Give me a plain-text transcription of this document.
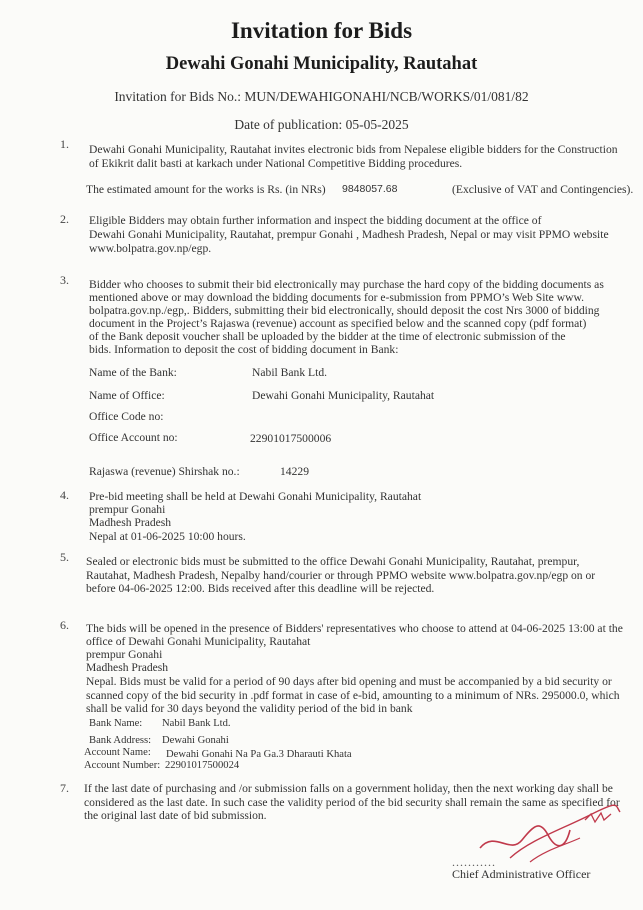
Invitation for Bids
Dewahi Gonahi Municipality, Rautahat
Invitation for Bids No.: MUN/DEWAHIGONAHI/NCB/WORKS/01/081/82
Date of publication: 05-05-2025
1. Dewahi Gonahi Municipality, Rautahat invites electronic bids from Nepalese eligible bidders for the Construction
of Ekikrit dalit basti at karkach under National Competitive Bidding procedures.
The estimated amount for the works is Rs. (in NRs) 9848057.68	(Exclusive of VAT and Contingencies).
2. Eligible Bidders may obtain further information and inspect the bidding document at the office of
Dewahi Gonahi Municipality, Rautahat, prempur Gonahi , Madhesh Pradesh, Nepal or may visit PPMO website
www.bolpatra.gov.np/egp.
3. Bidder who chooses to submit their bid electronically may purchase the hard copy of the bidding documents as
mentioned above or may download the bidding documents for e-submission from PPMO’s Web Site www.
bolpatra.gov.np./egp,. Bidders, submitting their bid electronically, should deposit the cost Nrs 3000 of bidding
document in the Project’s Rajaswa (revenue) account as specified below and the scanned copy (pdf format)
of the Bank deposit voucher shall be uploaded by the bidder at the time of electronic submission of the
bids. Information to deposit the cost of bidding document in Bank:
Name of the Bank:	Nabil Bank Ltd.
Name of Office:	Dewahi Gonahi Municipality, Rautahat
Office Code no:
Office Account no:	22901017500006
Rajaswa (revenue) Shirshak no.:	14229
4. Pre-bid meeting shall be held at Dewahi Gonahi Municipality, Rautahat
prempur Gonahi
Madhesh Pradesh
Nepal at 01-06-2025 10:00 hours.
5. Sealed or electronic bids must be submitted to the office Dewahi Gonahi Municipality, Rautahat, prempur,
Rautahat, Madhesh Pradesh, Nepalby hand/courier or through PPMO website www.bolpatra.gov.np/egp on or
before 04-06-2025 12:00. Bids received after this deadline will be rejected.
6. The bids will be opened in the presence of Bidders' representatives who choose to attend at 04-06-2025 13:00 at the
office of Dewahi Gonahi Municipality, Rautahat
prempur Gonahi
Madhesh Pradesh
Nepal. Bids must be valid for a period of 90 days after bid opening and must be accompanied by a bid security or
scanned copy of the bid security in .pdf format in case of e-bid, amounting to a minimum of NRs. 295000.0, which
shall be valid for 30 days beyond the validity period of the bid in bank
Bank Name: Nabil Bank Ltd.
Bank Address: Dewahi Gonahi
Account Name: Dewahi Gonahi Na Pa Ga.3 Dharauti Khata
Account Number: 22901017500024
7. If the last date of purchasing and /or submission falls on a government holiday, then the next working day shall be
considered as the last date. In such case the validity period of the bid security shall remain the same as specified for
the original last date of bid submission.
...........
Chief Administrative Officer
